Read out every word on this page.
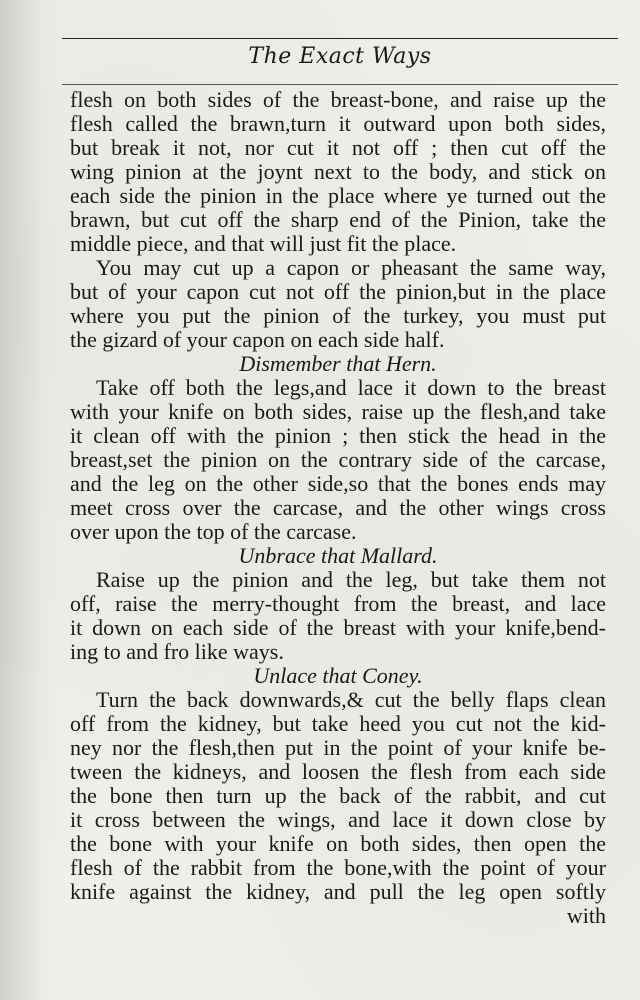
The Exact Ways
flesh on both sides of the breast-bone, and raise up the
flesh called the brawn,turn it outward upon both sides,
but break it not, nor cut it not off ; then cut off the
wing pinion at the joynt next to the body, and stick on
each side the pinion in the place where ye turned out the
brawn, but cut off the sharp end of the Pinion, take the
middle piece, and that will just fit the place.
You may cut up a capon or pheasant the same way,
but of your capon cut not off the pinion,but in the place
where you put the pinion of the turkey, you must put
the gizard of your capon on each side half.
Dismember that Hern.
Take off both the legs,and lace it down to the breast
with your knife on both sides, raise up the flesh,and take
it clean off with the pinion ; then stick the head in the
breast,set the pinion on the contrary side of the carcase,
and the leg on the other side,so that the bones ends may
meet cross over the carcase, and the other wings cross
over upon the top of the carcase.
Unbrace that Mallard.
Raise up the pinion and the leg, but take them not
off, raise the merry-thought from the breast, and lace
it down on each side of the breast with your knife,bend-
ing to and fro like ways.
Unlace that Coney.
Turn the back downwards,& cut the belly flaps clean
off from the kidney, but take heed you cut not the kid-
ney nor the flesh,then put in the point of your knife be-
tween the kidneys, and loosen the flesh from each side
the bone then turn up the back of the rabbit, and cut
it cross between the wings, and lace it down close by
the bone with your knife on both sides, then open the
flesh of the rabbit from the bone,with the point of your
knife against the kidney, and pull the leg open softly
with
